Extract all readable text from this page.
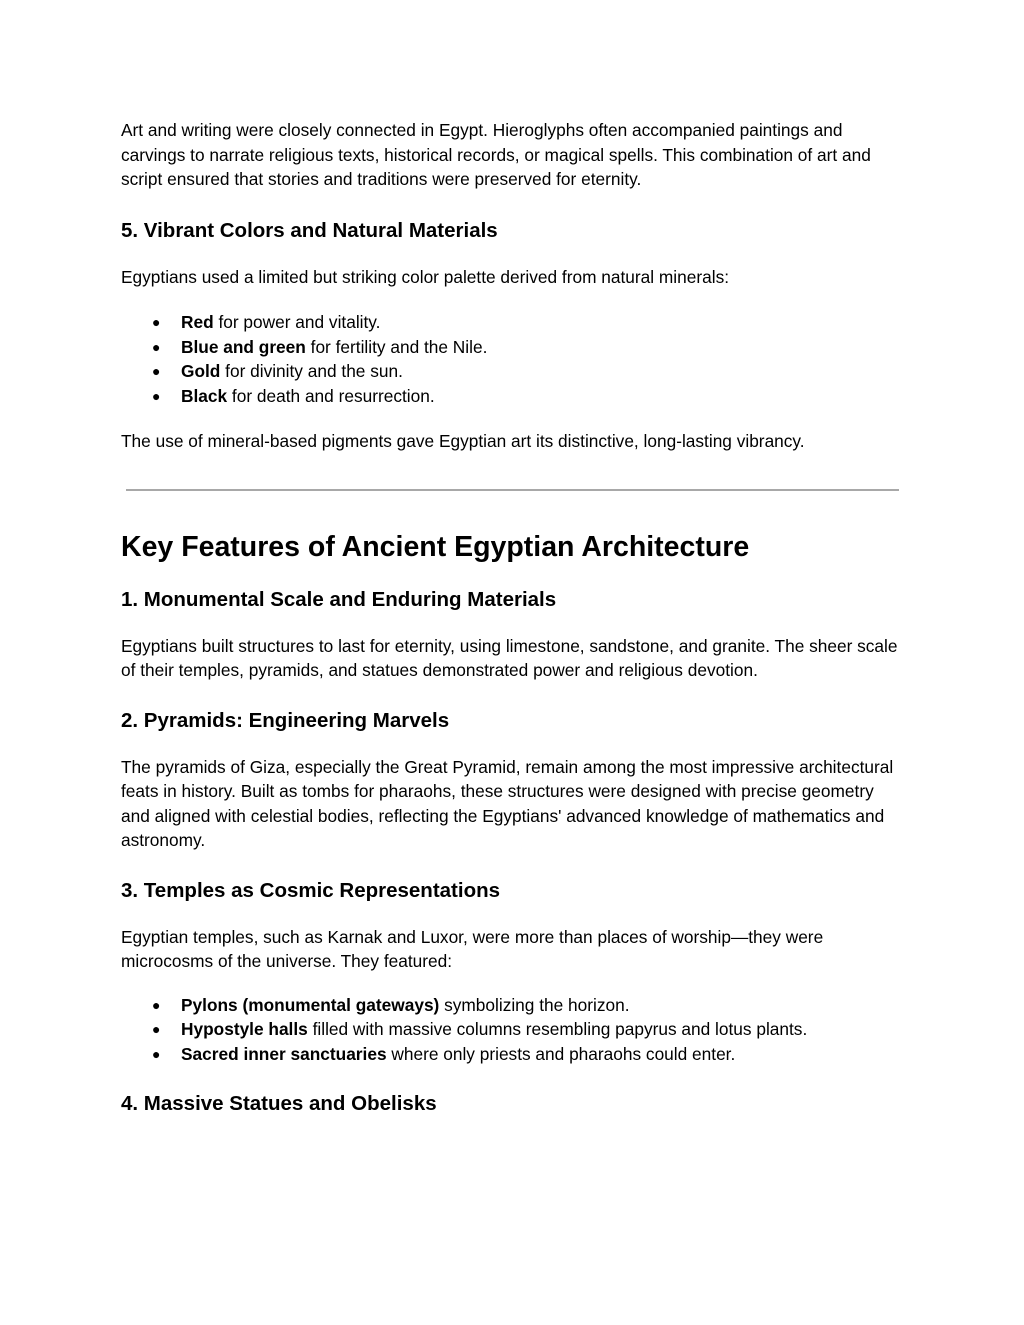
Art and writing were closely connected in Egypt. Hieroglyphs often accompanied paintings and carvings to narrate religious texts, historical records, or magical spells. This combination of art and script ensured that stories and traditions were preserved for eternity.

5. Vibrant Colors and Natural Materials

Egyptians used a limited but striking color palette derived from natural minerals:

● Red for power and vitality.
● Blue and green for fertility and the Nile.
● Gold for divinity and the sun.
● Black for death and resurrection.

The use of mineral-based pigments gave Egyptian art its distinctive, long-lasting vibrancy.

Key Features of Ancient Egyptian Architecture
1. Monumental Scale and Enduring Materials

Egyptians built structures to last for eternity, using limestone, sandstone, and granite. The sheer scale of their temples, pyramids, and statues demonstrated power and religious devotion.

2. Pyramids: Engineering Marvels

The pyramids of Giza, especially the Great Pyramid, remain among the most impressive architectural feats in history. Built as tombs for pharaohs, these structures were designed with precise geometry and aligned with celestial bodies, reflecting the Egyptians' advanced knowledge of mathematics and astronomy.

3. Temples as Cosmic Representations

Egyptian temples, such as Karnak and Luxor, were more than places of worship—they were microcosms of the universe. They featured:

● Pylons (monumental gateways) symbolizing the horizon.
● Hypostyle halls filled with massive columns resembling papyrus and lotus plants.
● Sacred inner sanctuaries where only priests and pharaohs could enter.
4. Massive Statues and Obelisks
